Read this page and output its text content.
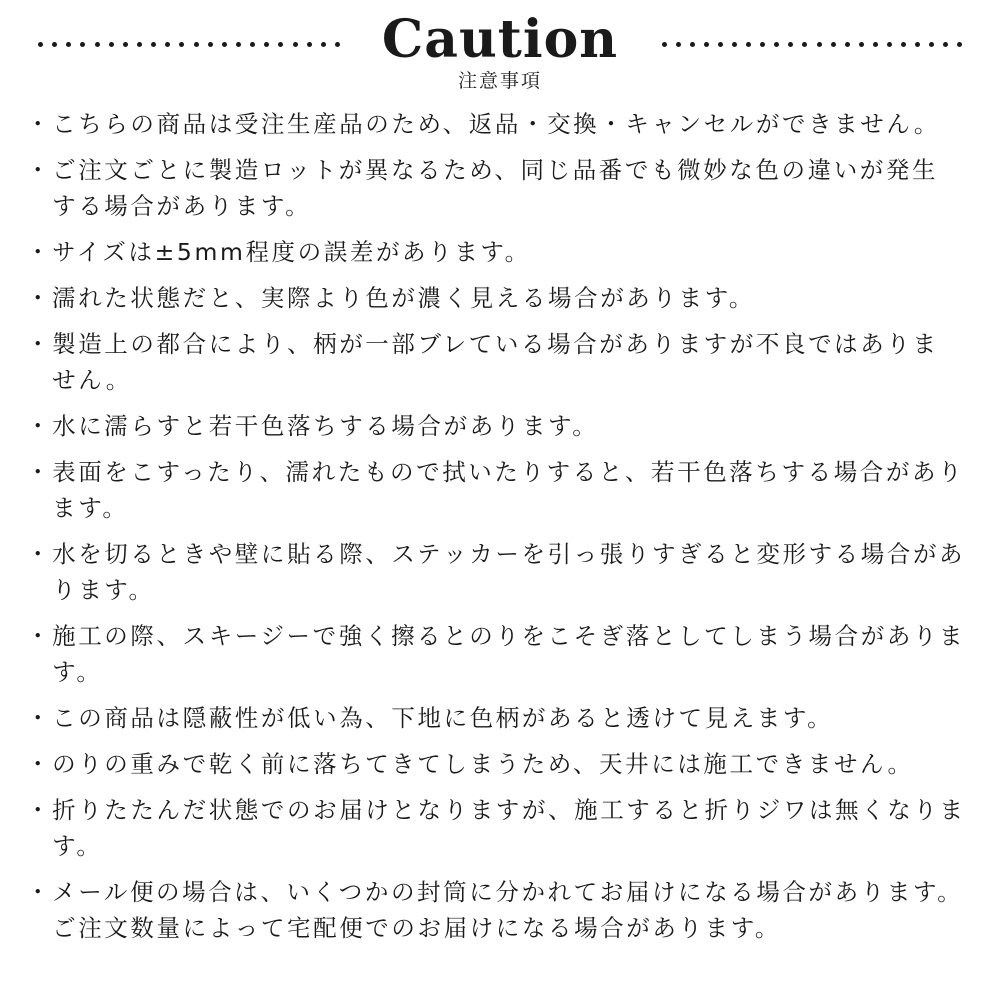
Caution
注意事項
・ こちらの商品は受注生産品のため、返品・交換・キャンセルができません。
・ ご注文ごとに製造ロットが異なるため、同じ品番でも微妙な色の違いが発生
する場合があります。
・ サイズは±5mm程度の誤差があります。
・ 濡れた状態だと、実際より色が濃く見える場合があります。
・ 製造上の都合により、柄が一部ブレている場合がありますが不良ではありま
せん。
・ 水に濡らすと若干色落ちする場合があります。
・ 表面をこすったり、濡れたもので拭いたりすると、若干色落ちする場合があり
ます。
・ 水を切るときや壁に貼る際、ステッカーを引っ張りすぎると変形する場合があ
ります。
・ 施工の際、スキージーで強く擦るとのりをこそぎ落としてしまう場合がありま
す。
・ この商品は隠蔽性が低い為、下地に色柄があると透けて見えます。
・ のりの重みで乾く前に落ちてきてしまうため、天井には施工できません。
・ 折りたたんだ状態でのお届けとなりますが、施工すると折りジワは無くなりま
す。
・ メール便の場合は、いくつかの封筒に分かれてお届けになる場合があります。
ご注文数量によって宅配便でのお届けになる場合があります。
